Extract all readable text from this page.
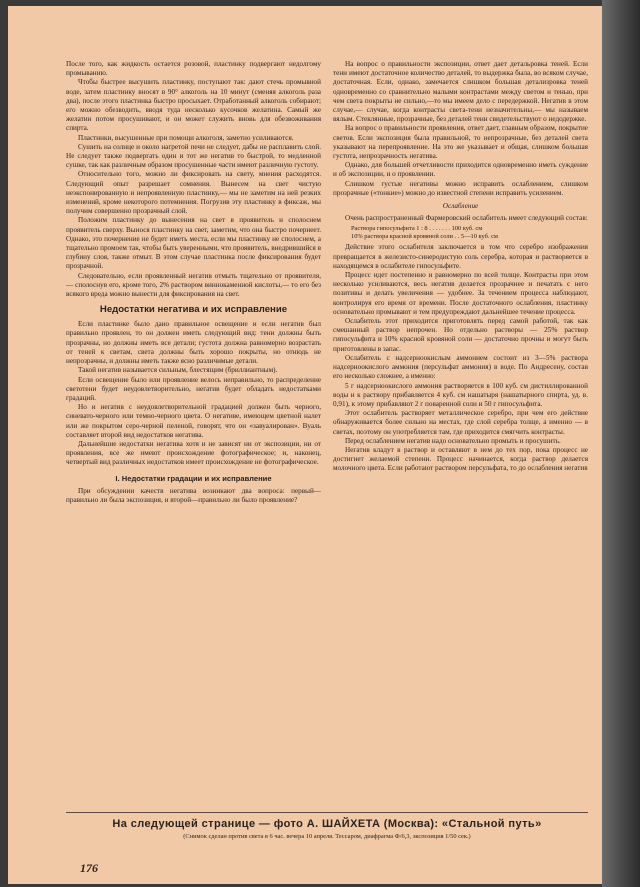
После того, как жидкость остается розовой, пластинку подвергают недолгому промыванию.

Чтобы быстрее высушить пластинку, поступают так: дают стечь промывной воде, затем пластинку вносят в 90° алкоголь на 10 минут (сменяя алкоголь раза два), после этого пластинка быстро просыхает. Отработанный алкоголь собирают; его можно обезводить, вводя туда несколько кусочков желатина. Самый же желатин потом просушивают, и он может служить вновь для обезвоживания спирта.

Пластинки, высушенные при помощи алкоголя, заметно усиливаются.

Сушить на солнце и около нагретой печи не следует, дабы не расплавить слой. Не следует также подвергать один и тот же негатив то быстрой, то медленной сушке, так как различным образом просушенные части имеют различную густоту.

Относительно того, можно ли фиксировать на свету, мнения расходятся. Следующий опыт разрешает сомнения. Вынесем на свет чистую неэкспонированную и непроявленную пластинку,— мы не заметим на ней резких изменений, кроме некоторого потемнения. Погрузив эту пластинку в фиксаж, мы получим совершенно прозрачный слой.

Положим пластинку до вынесения на свет в проявитель и сполоснем проявитель сверху. Вынося пластинку на свет, заметим, что она быстро почернеет. Однако, это почернение не будет иметь места, если мы пластинку не сполоснем, а тщательно промоем так, чтобы быть уверенными, что проявитель, внедрившийся в глубину слоя, также отмыт. В этом случае пластинка после фиксирования будет прозрачной.

Следовательно, если проявленный негатив отмыть тщательно от проявителя,— сполоснув его, кроме того, 2% раствором виннокаменной кислоты,— то его без всякого вреда можно вынести для фиксирования на свет.

Недостатки негатива и их исправление

Если пластинке было дано правильное освещение и если негатив был правильно проявлен, то он должен иметь следующий вид: тени должны быть прозрачны, но должны иметь все детали; густота должна равномерно возрастать от теней к светам, света должны быть хорошо покрыты, но отнюдь не непрозрачны, и должны иметь также ясно различимые детали.

Такой негатив называется сильным, блестящим (бриллиантным).

Если освещение было или проявление велось неправильно, то распределение светотени будет неудовлетворительно, негатив будет обладать недостатками градаций.

Но и негатив с неудовлетворительной градацией должен быть черного, синевато-черного или темно-черного цвета. О негативе, имеющем цветной налет или же покрытом серо-черной пеленой, говорят, что он «завуалирован». Вуаль составляет второй вид недостатков негатива.

Дальнейшие недостатки негатива хотя и не зависят ни от экспозиции, ни от проявления, все же имеют происхождение фотографическое; и, наконец, четвертый вид различных недостатков имеет происхождение не фотографическое.

I. Недостатки градации и их исправление

При обсуждении качеств негатива возникают два вопроса: первый—правильно ли была экспозиция, и второй—правильно ли было проявление?

На вопрос о правильности экспозиции, ответ дает детальровка теней. Если тени имеют достаточное количество деталей, то выдержка была, во всяком случае, достаточная. Если, однако, замечается слишком большая детализровка теней одновременно со сравнительно малыми контрастами между светом и тенью, при чем света покрыты не сильно,—то мы имеем дело с передержкой. Негатив в этом случае,— случае, когда контрасты света-тени незначительны,— мы называем вялым. Стеклянные, прозрачные, без деталей тени свидетельствуют о недодержке.

На вопрос о правильности проявления, ответ дает, главным образом, покрытие светов. Если экспозиция была правильной, то непрозрачные, без деталей света указывают на перепроявление. На это же указывает и общая, слишком большая густота, непрозрачность негатива.

Однако, для большей отчетливости приходится одновременно иметь суждение и об экспозиции, и о проявлении.

Слишком густые негативы можно исправить ослаблением, слишком прозрачные («тонкие») можно до известной степени исправить усилением.

Ослабление

Очень распространенный Фармеровский ослабитель имеет следующий состав:

Раствора гипосульфита 1 : 8 . . . . . . . 100 куб. см
10% раствора красной кровяной соли . . 5—10 куб. см

Действие этого ослабителя заключается в том что серебро изображения превращается в железисто-синеродистую соль серебра, которая и растворяется в находящемся в ослабителе гипосульфите.

Процесс идет постепенно и равномерно по всей толще. Контрасты при этом несколько усиливаются, весь негатив делается прозрачнее и печатать с него позитивы и делать увеличения — удобнее. За течением процесса наблюдают, контролируя его время от времени. После достаточного ослабления, пластинку основательно промывают и тем предупреждают дальнейшее течение процесса.

Ослабитель этот приходится приготовлять перед самой работой, так как смешанный раствор непрочен. Но отдельно растворы — 25% раствор гипосульфита и 10% красной кровяной соли — достаточно прочны и могут быть приготовлены в запас.

Ослабитель с надсерноокислым аммонием состоит из 3—5% раствора надсерноокислого аммония (персульфат аммония) в воде. По Андресену, состав его несколько сложнее, а именно:

5 г надсерноокислого аммония растворяется в 100 куб. см дистиллированной воды и к раствору прибавляется 4 куб. см нашатыря (нашатырного спирта, уд. в. 0,91), к этому прибавляют 2 г поваренной соли и 50 г гипосульфита.

Этот ослабитель растворяет металлическое серебро, при чем его действие обнаруживается более сильно на местах, где слой серебра толще, а именно — в светах, поэтому он употребляется там, где приходится смягчить контрасты.

Перед ослаблением негатив надо основательно промыть и просушить.

Негатив кладут в раствор и оставляют в нем до тех пор, пока процесс не достигнет желаемой степени. Процесс начинается, когда раствор делается молочного цвета. Если работают раствором персульфата, то до ослабления негатив

На следующей странице — фото А. ШАЙХЕТА (Москва): «Стальной путь»
(Снимок сделан против света в 6 час. вечера 10 апреля. Тессаром, диафрагма Ф/6,3, экспозиция 1/50 сек.)
176
